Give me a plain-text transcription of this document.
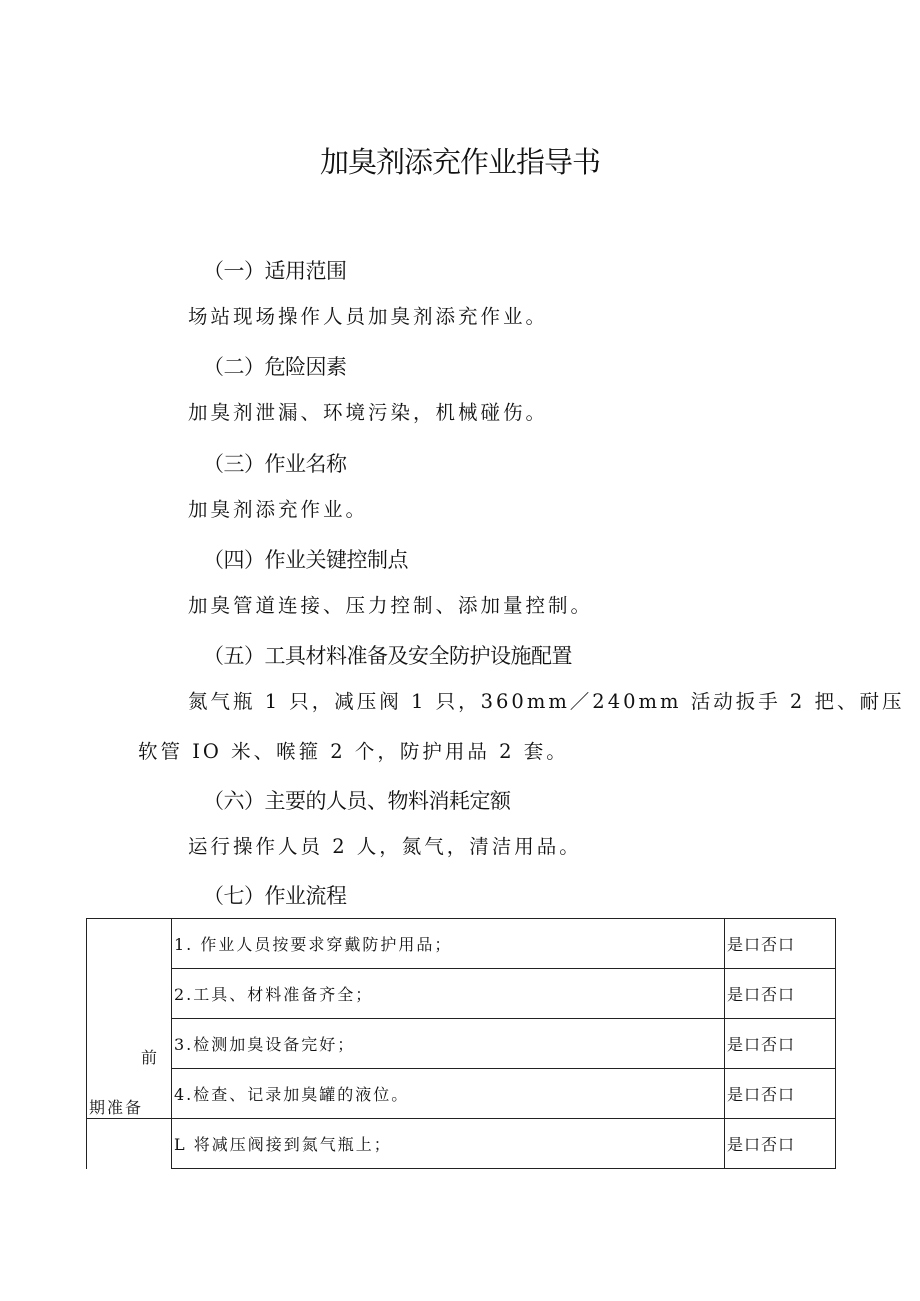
加臭剂添充作业指导书
（一）适用范围
场站现场操作人员加臭剂添充作业。
（二）危险因素
加臭剂泄漏、环境污染，机械碰伤。
（三）作业名称
加臭剂添充作业。
（四）作业关键控制点
加臭管道连接、压力控制、添加量控制。
（五）工具材料准备及安全防护设施配置
氮气瓶 1 只，减压阀 1 只，360mm／240mm 活动扳手 2 把、耐压
软管 IO 米、喉箍 2 个，防护用品 2 套。
（六）主要的人员、物料消耗定额
运行操作人员 2 人，氮气，清洁用品。
（七）作业流程
前
期准备	1. 作业人员按要求穿戴防护用品；	是口否口
	2.工具、材料准备齐全；	是口否口
	3.检测加臭设备完好；	是口否口
	4.检查、记录加臭罐的液位。	是口否口
	L 将减压阀接到氮气瓶上；	是口否口
